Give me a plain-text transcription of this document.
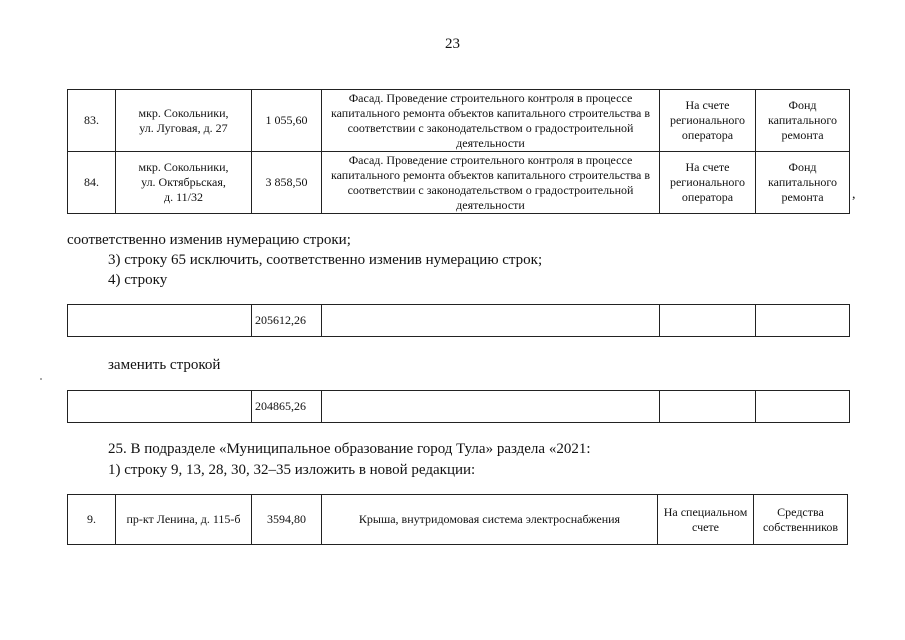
23
83.	мкр. Сокольники,
ул. Луговая, д. 27	1 055,60	Фасад. Проведение строительного контроля в процессе капитального ремонта объектов капитального строительства в соответствии с законодательством о градостроительной деятельности	На счете регионального оператора	Фонд капитального ремонта
84.	мкр. Сокольники,
ул. Октябрьская,
д. 11/32	3 858,50	Фасад. Проведение строительного контроля в процессе капитального ремонта объектов капитального строительства в соответствии с законодательством о градостроительной деятельности	На счете регионального оператора	Фонд капитального ремонта ,
соответственно изменив нумерацию строки;
3) строку 65 исключить, соответственно изменив нумерацию строк;
4) строку
	205612,26			
заменить строкой
	204865,26			
25. В подразделе «Муниципальное образование город Тула» раздела «2021:
1) строку 9, 13, 28, 30, 32–35 изложить в новой редакции:
9.	пр-кт Ленина, д. 115-б	3594,80	Крыша, внутридомовая система электроснабжения	На специальном счете	Средства собственников
